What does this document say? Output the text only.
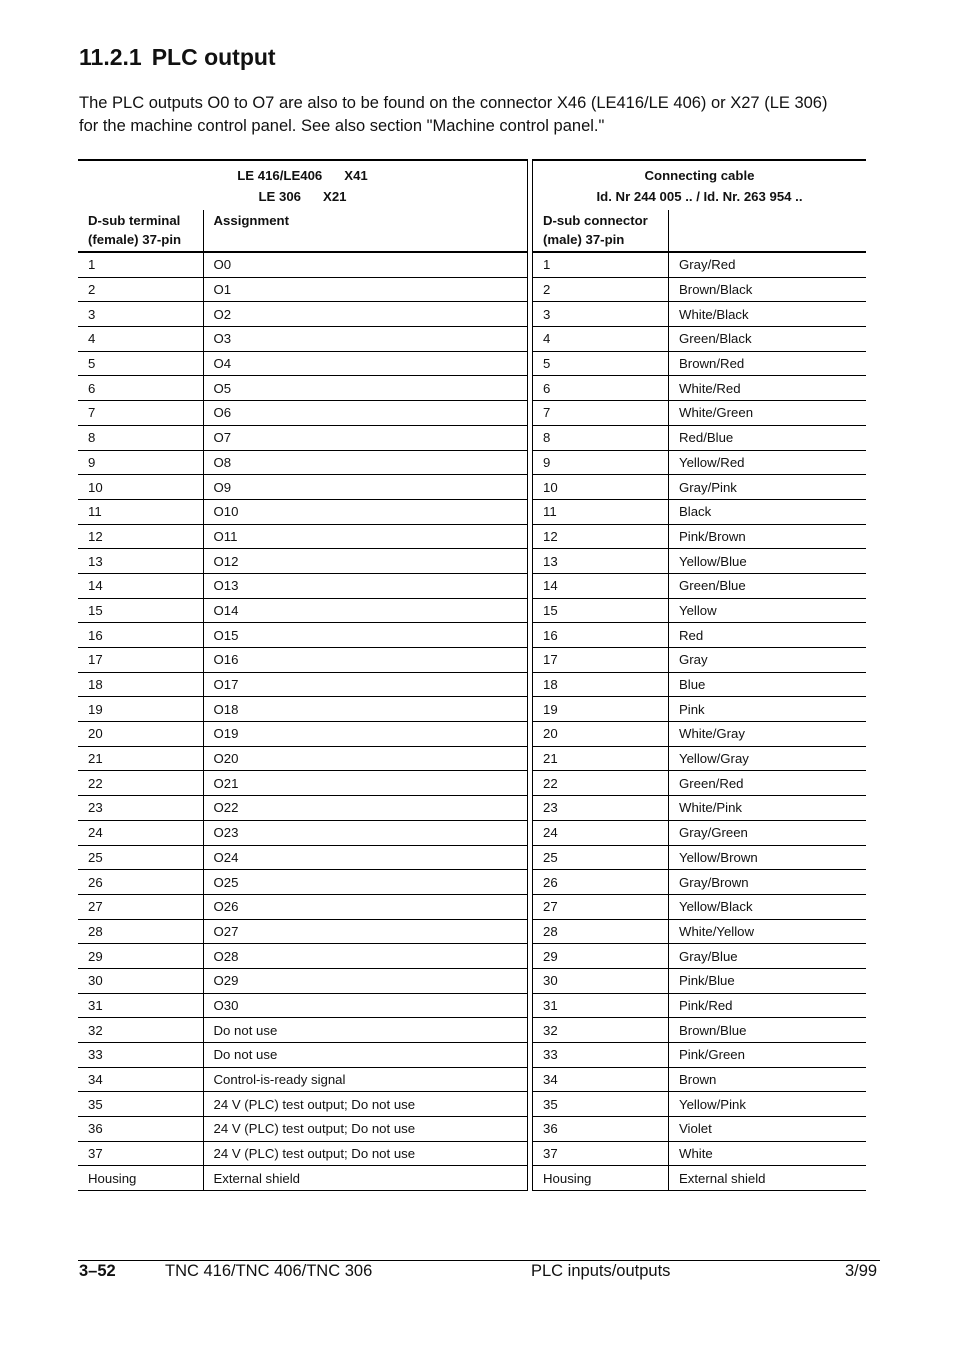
11.2.1 PLC output

The PLC outputs O0 to O7 are also to be found on the connector X46 (LE416/LE 406) or X27 (LE 306) for the machine control panel. See also section "Machine control panel."

LE 416/LE406 X41
LE 306 X21	

D-sub terminal
(female) 37-pin	Assignment
1	O0
2	O1
3	O2
4	O3
5	O4
6	O5
7	O6
8	O7
9	O8
10	O9
11	O10
12	O11
13	O12
14	O13
15	O14
16	O15
17	O16
18	O17
19	O18
20	O19
21	O20
22	O21
23	O22
24	O23
25	O24
26	O25
27	O26
28	O27
29	O28
30	O29
31	O30
32	Do not use
33	Do not use
34	Control-is-ready signal
35	24 V (PLC) test output; Do not use
36	24 V (PLC) test output; Do not use
37	24 V (PLC) test output; Do not use
Housing	External shield
Connecting cable
Id. Nr 244 005 .. / Id. Nr. 263 954 ..	

D-sub connector
(male) 37-pin	

1	Gray/Red
2	Brown/Black
3	White/Black
4	Green/Black
5	Brown/Red
6	White/Red
7	White/Green
8	Red/Blue
9	Yellow/Red
10	Gray/Pink
11	Black
12	Pink/Brown
13	Yellow/Blue
14	Green/Blue
15	Yellow
16	Red
17	Gray
18	Blue
19	Pink
20	White/Gray
21	Yellow/Gray
22	Green/Red
23	White/Pink
24	Gray/Green
25	Yellow/Brown
26	Gray/Brown
27	Yellow/Black
28	White/Yellow
29	Gray/Blue
30	Pink/Blue
31	Pink/Red
32	Brown/Blue
33	Pink/Green
34	Brown
35	Yellow/Pink
36	Violet
37	White
Housing	External shield
3–52	TNC 416/TNC 406/TNC 306	PLC inputs/outputs	3/99
